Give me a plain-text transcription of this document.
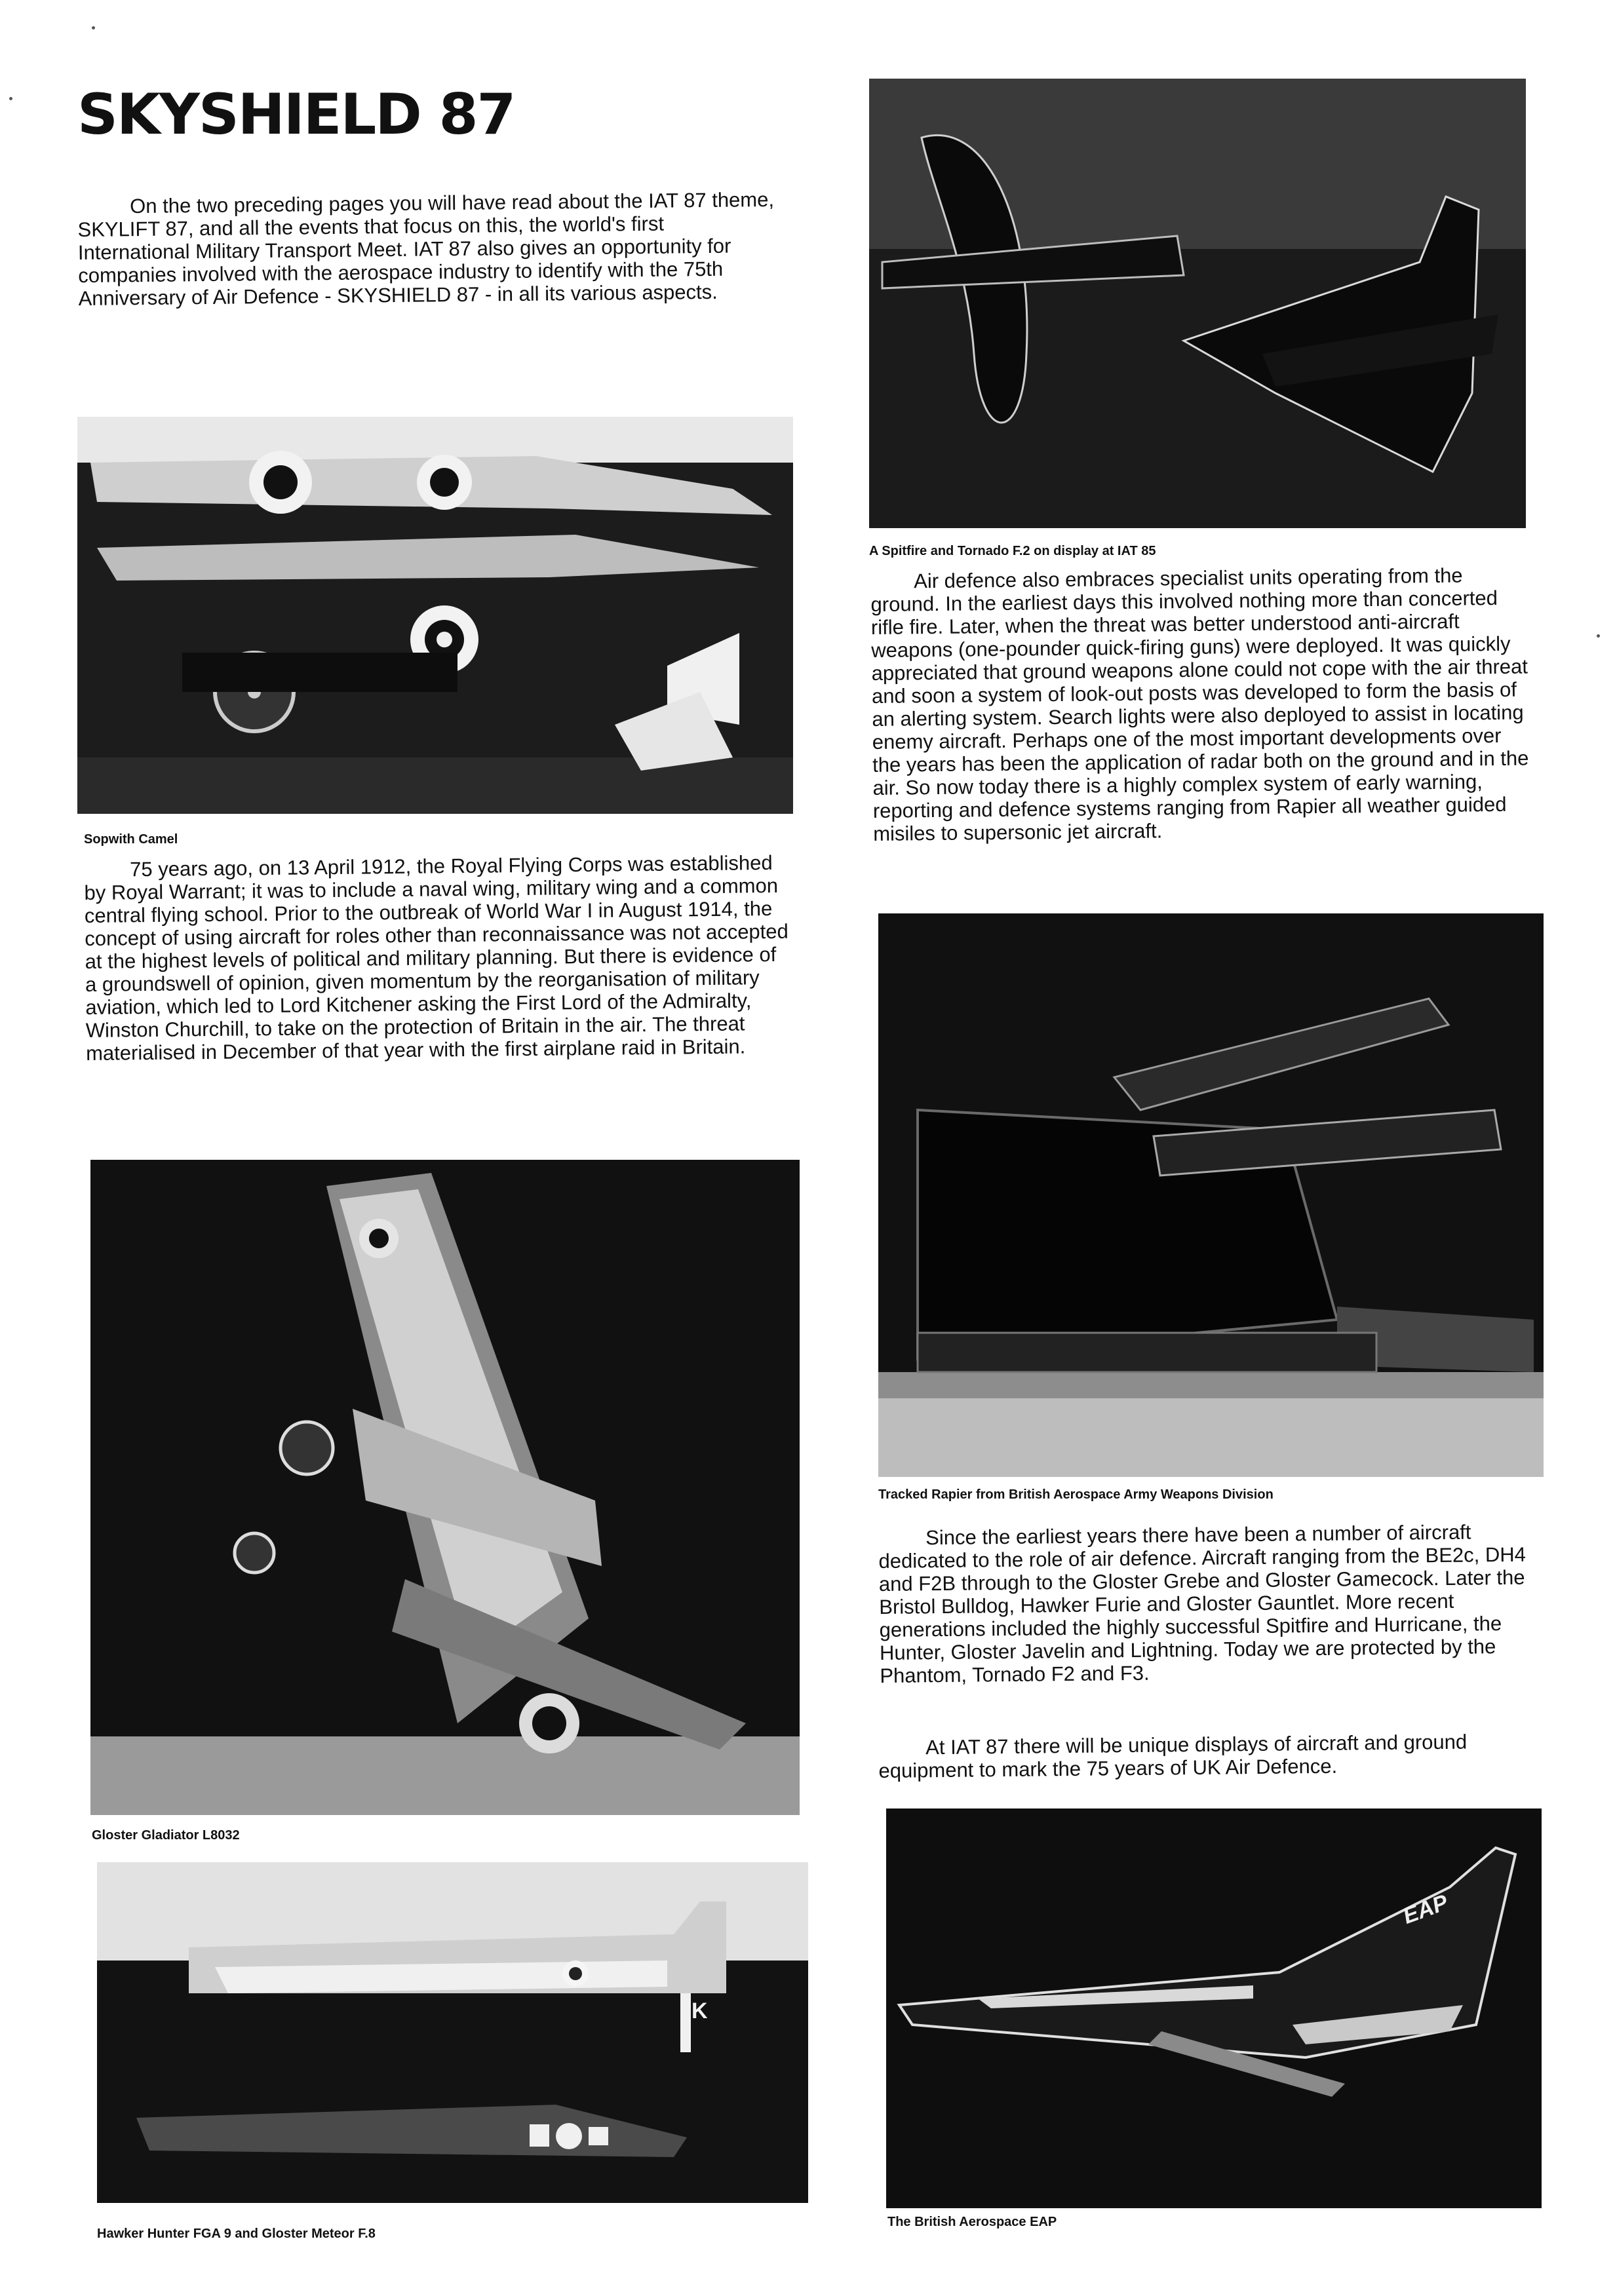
SKYSHIELD 87

On the two preceding pages you will have read about the IAT 87 theme, SKYLIFT 87, and all the events that focus on this, the world's first International Military Transport Meet. IAT 87 also gives an opportunity for companies involved with the aerospace industry to identify with the 75th Anniversary of Air Defence - SKYSHIELD 87 - in all its various aspects.

Sopwith Camel

75 years ago, on 13 April 1912, the Royal Flying Corps was established by Royal Warrant; it was to include a naval wing, military wing and a common central flying school. Prior to the outbreak of World War I in August 1914, the concept of using aircraft for roles other than reconnaissance was not accepted at the highest levels of political and military planning. But there is evidence of a groundswell of opinion, given momentum by the reorganisation of military aviation, which led to Lord Kitchener asking the First Lord of the Admiralty, Winston Churchill, to take on the protection of Britain in the air. The threat materialised in December of that year with the first airplane raid in Britain.

Gloster Gladiator L8032

K

Hawker Hunter FGA 9 and Gloster Meteor F.8

A Spitfire and Tornado F.2 on display at IAT 85

Air defence also embraces specialist units operating from the ground. In the earliest days this involved nothing more than concerted rifle fire. Later, when the threat was better understood anti-aircraft weapons (one-pounder quick-firing guns) were deployed. It was quickly appreciated that ground weapons alone could not cope with the air threat and soon a system of look-out posts was developed to form the basis of an alerting system. Search lights were also deployed to assist in locating enemy aircraft. Perhaps one of the most important developments over the years has been the application of radar both on the ground and in the air. So now today there is a highly complex system of early warning, reporting and defence systems ranging from Rapier all weather guided misiles to supersonic jet aircraft.

Tracked Rapier from British Aerospace Army Weapons Division

Since the earliest years there have been a number of aircraft dedicated to the role of air defence. Aircraft ranging from the BE2c, DH4 and F2B through to the Gloster Grebe and Gloster Gamecock. Later the Bristol Bulldog, Hawker Furie and Gloster Gauntlet. More recent generations included the highly successful Spitfire and Hurricane, the Hunter, Gloster Javelin and Lightning. Today we are protected by the Phantom, Tornado F2 and F3.

At IAT 87 there will be unique displays of aircraft and ground equipment to mark the 75 years of UK Air Defence.

EAP

The British Aerospace EAP
